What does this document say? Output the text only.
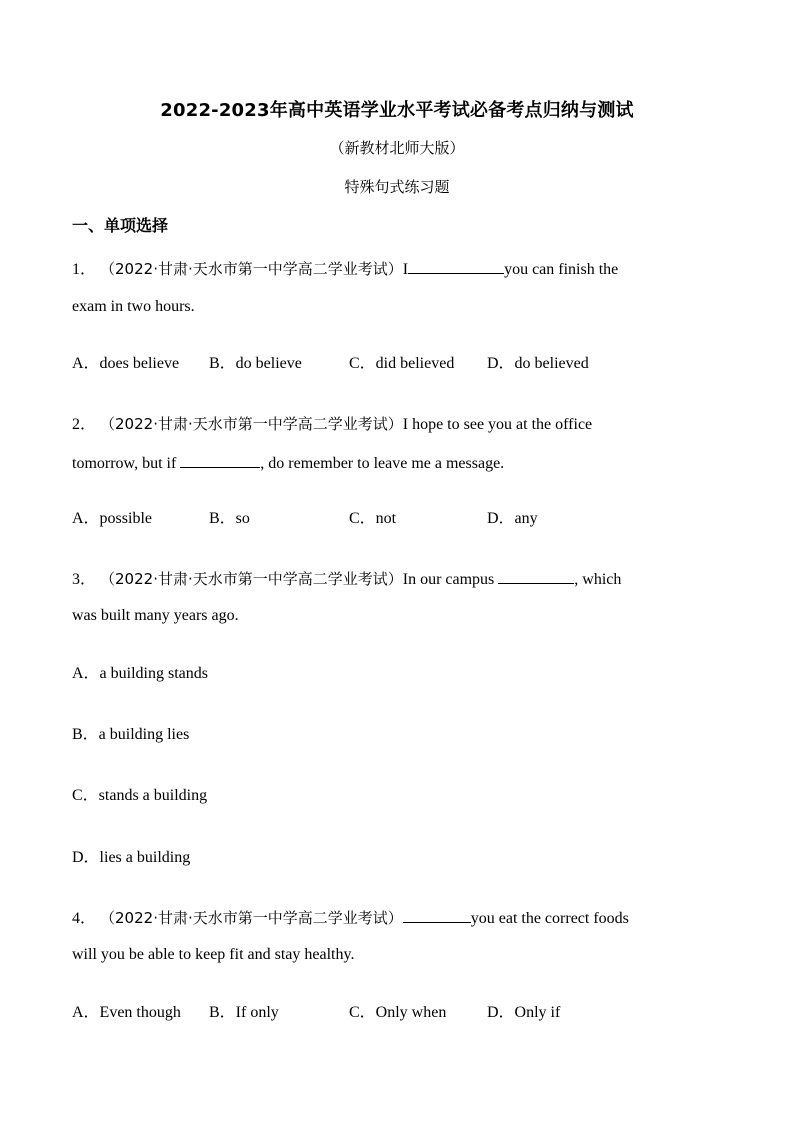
2022-2023年高中英语学业水平考试必备考点归纳与测试
（新教材北师大版）
特殊句式练习题
一、单项选择
1． （2022·甘肃·天水市第一中学高二学业考试）I	you can finish the
exam in two hours.
A．does believe B．do believe	C．did believed D．do believed
2． （2022·甘肃·天水市第一中学高二学业考试）I hope to see you at the office
tomorrow, but if	, do remember to leave me a message.
A．possible	B．so	C．not	D．any
3． （2022·甘肃·天水市第一中学高二学业考试）In our campus	, which
was built many years ago.
A．a building stands
B．a building lies
C．stands a building
D．lies a building
4． （2022·甘肃·天水市第一中学高二学业考试）	you eat the correct foods
will you be able to keep fit and stay healthy.
A．Even though B．If only	C．Only when	D．Only if
